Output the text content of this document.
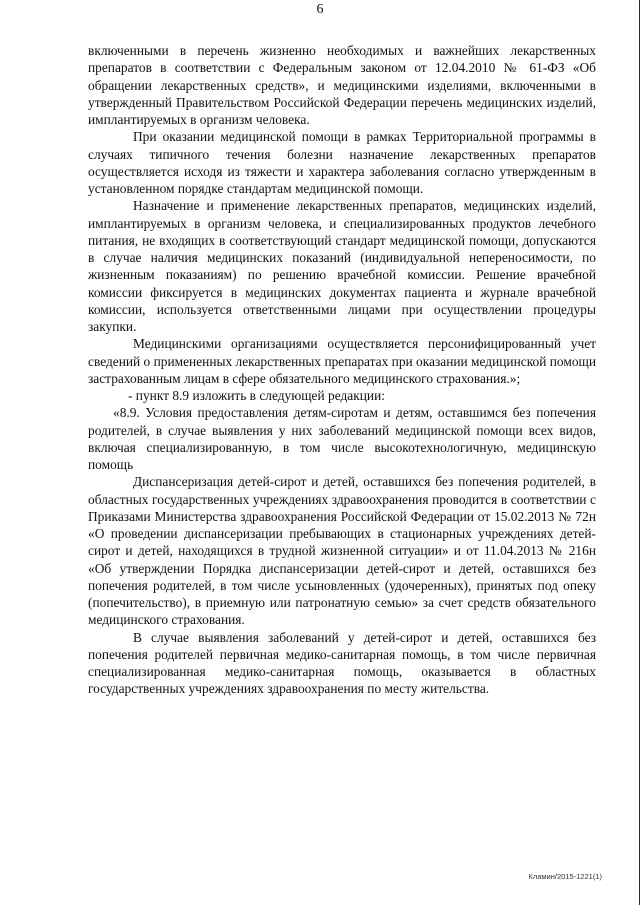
6

включенными в перечень жизненно необходимых и важнейших лекарственных препаратов в соответствии с Федеральным законом от 12.04.2010 № 61-ФЗ «Об обращении лекарственных средств», и медицинскими изделиями, включенными в утвержденный Правительством Российской Федерации перечень медицинских изделий, имплантируемых в организм человека.

При оказании медицинской помощи в рамках Территориальной программы в случаях типичного течения болезни назначение лекарственных препаратов осуществляется исходя из тяжести и характера заболевания согласно утвержденным в установленном порядке стандартам медицинской помощи.

Назначение и применение лекарственных препаратов, медицинских изделий, имплантируемых в организм человека, и специализированных продуктов лечебного питания, не входящих в соответствующий стандарт медицинской помощи, допускаются в случае наличия медицинских показаний (индивидуальной непереносимости, по жизненным показаниям) по решению врачебной комиссии. Решение врачебной комиссии фиксируется в медицинских документах пациента и журнале врачебной комиссии, используется ответственными лицами при осуществлении процедуры закупки.

Медицинскими организациями осуществляется персонифицированный учет сведений о примененных лекарственных препаратах при оказании медицинской помощи застрахованным лицам в сфере обязательного медицинского страхования.»;

- пункт 8.9 изложить в следующей редакции:

«8.9. Условия предоставления детям-сиротам и детям, оставшимся без попечения родителей, в случае выявления у них заболеваний медицинской помощи всех видов, включая специализированную, в том числе высокотехнологичную, медицинскую помощь

Диспансеризация детей-сирот и детей, оставшихся без попечения родителей, в областных государственных учреждениях здравоохранения проводится в соответствии с Приказами Министерства здравоохранения Российской Федерации от 15.02.2013 № 72н «О проведении диспансеризации пребывающих в стационарных учреждениях детей-сирот и детей, находящихся в трудной жизненной ситуации» и от 11.04.2013 № 216н «Об утверждении Порядка диспансеризации детей-сирот и детей, оставшихся без попечения родителей, в том числе усыновленных (удочеренных), принятых под опеку (попечительство), в приемную или патронатную семью» за счет средств обязательного медицинского страхования.

В случае выявления заболеваний у детей-сирот и детей, оставшихся без попечения родителей первичная медико-санитарная помощь, в том числе первичная специализированная медико-санитарная помощь, оказывается в областных государственных учреждениях здравоохранения по месту жительства.

Кламин/2015-1221(1)
